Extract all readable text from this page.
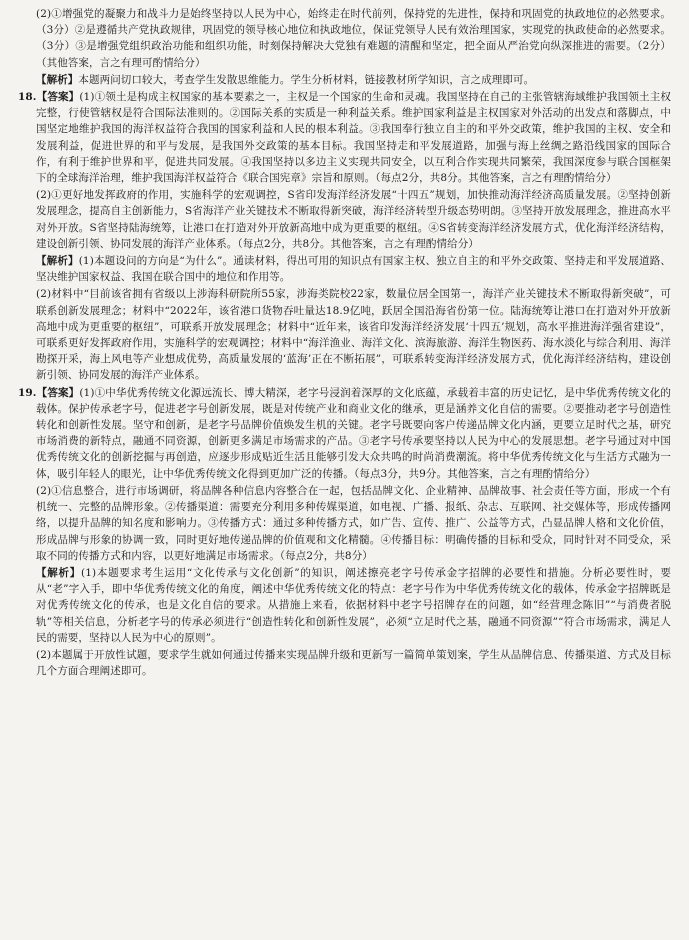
(2)①增强党的凝聚力和战斗力是始终坚持以人民为中心，始终走在时代前列，保持党的先进性，保持和巩固党的执政地位的必然要求。（3分）②是遵循共产党执政规律，巩固党的领导核心地位和执政地位，保证党领导人民有效治理国家，实现党的执政使命的必然要求。（3分）③是增强党组织政治功能和组织功能，时刻保持解决大党独有难题的清醒和坚定，把全面从严治党向纵深推进的需要。（2分）（其他答案，言之有理可酌情给分）

【解析】本题两问切口较大，考查学生发散思维能力。学生分析材料，链接教材所学知识，言之成理即可。

18.【答案】(1)①领土是构成主权国家的基本要素之一，主权是一个国家的生命和灵魂。我国坚持在自己的主张管辖海域维护我国领土主权完整，行使管辖权是符合国际法准则的。②国际关系的实质是一种利益关系。维护国家利益是主权国家对外活动的出发点和落脚点，中国坚定地维护我国的海洋权益符合我国的国家利益和人民的根本利益。③我国奉行独立自主的和平外交政策，维护我国的主权、安全和发展利益，促进世界的和平与发展，是我国外交政策的基本目标。我国坚持走和平发展道路，加强与海上丝绸之路沿线国家的国际合作，有利于维护世界和平，促进共同发展。④我国坚持以多边主义实现共同安全，以互利合作实现共同繁荣，我国深度参与联合国框架下的全球海洋治理，维护我国海洋权益符合《联合国宪章》宗旨和原则。（每点2分，共8分。其他答案，言之有理酌情给分）

(2)①更好地发挥政府的作用，实施科学的宏观调控，S省印发海洋经济发展“十四五”规划，加快推动海洋经济高质量发展。②坚持创新发展理念，提高自主创新能力，S省海洋产业关键技术不断取得新突破，海洋经济转型升级态势明朗。③坚持开放发展理念，推进高水平对外开放。S省坚持陆海统筹，让港口在打造对外开放新高地中成为更重要的枢纽。④S省转变海洋经济发展方式，优化海洋经济结构，建设创新引领、协同发展的海洋产业体系。（每点2分，共8分。其他答案，言之有理酌情给分）

【解析】(1)本题设问的方向是“为什么”。通读材料，得出可用的知识点有国家主权、独立自主的和平外交政策、坚持走和平发展道路、坚决维护国家权益、我国在联合国中的地位和作用等。

(2)材料中“目前该省拥有省级以上涉海科研院所55家，涉海类院校22家，数量位居全国第一，海洋产业关键技术不断取得新突破”，可联系创新发展理念；材料中“2022年，该省港口货物吞吐量达18.9亿吨，跃居全国沿海省份第一位。陆海统筹让港口在打造对外开放新高地中成为更重要的枢纽”，可联系开放发展理念；材料中“近年来，该省印发海洋经济发展‘十四五’规划，高水平推进海洋强省建设”，可联系更好发挥政府作用，实施科学的宏观调控；材料中“海洋渔业、海洋文化、滨海旅游、海洋生物医药、海水淡化与综合利用、海洋勘探开采，海上风电等产业想成优势，高质量发展的‘蓝海’正在不断拓展”，可联系转变海洋经济发展方式，优化海洋经济结构，建设创新引领、协同发展的海洋产业体系。

19.【答案】(1)①中华优秀传统文化源远流长、博大精深，老字号浸润着深厚的文化底蕴，承载着丰富的历史记忆，是中华优秀传统文化的载体。保护传承老字号，促进老字号创新发展，既是对传统产业和商业文化的继承，更是涵养文化自信的需要。②要推动老字号创造性转化和创新性发展。坚守和创新，是老字号品牌价值焕发生机的关键。老字号既要向客户传递品牌文化内涵，更要立足时代之基，研究市场消费的新特点，融通不同资源，创新更多满足市场需求的产品。③老字号传承要坚持以人民为中心的发展思想。老字号通过对中国优秀传统文化的创新挖掘与再创造，应逐步形成贴近生活且能够引发大众共鸣的时尚消费潮流。将中华优秀传统文化与生活方式融为一体，吸引年轻人的眼光，让中华优秀传统文化得到更加广泛的传播。（每点3分，共9分。其他答案，言之有理酌情给分）

(2)①信息整合，进行市场调研，将品牌各种信息内容整合在一起，包括品牌文化、企业精神、品牌故事、社会责任等方面，形成一个有机统一、完整的品牌形象。②传播渠道：需要充分利用多种传媒渠道，如电视、广播、报纸、杂志、互联网、社交媒体等，形成传播网络，以提升品牌的知名度和影响力。③传播方式：通过多种传播方式，如广告、宣传、推广、公益等方式，凸显品牌人格和文化价值，形成品牌与形象的协调一致，同时更好地传递品牌的价值观和文化精髓。④传播目标：明确传播的目标和受众，同时针对不同受众，采取不同的传播方式和内容，以更好地满足市场需求。（每点2分，共8分）

【解析】(1)本题要求考生运用“文化传承与文化创新”的知识，阐述擦亮老字号传承金字招牌的必要性和措施。分析必要性时，要从“老”字入手，即中华优秀传统文化的角度，阐述中华优秀传统文化的特点：老字号作为中华优秀传统文化的载体，传承金字招牌既是对优秀传统文化的传承，也是文化自信的要求。从措施上来看，依据材料中老字号招牌存在的问题，如“经营理念陈旧”“与消费者脱轨”等相关信息，分析老字号的传承必须进行“创造性转化和创新性发展”，必须“立足时代之基，融通不同资源”“符合市场需求，满足人民的需要，坚持以人民为中心的原则”。

(2)本题属于开放性试题，要求学生就如何通过传播来实现品牌升级和更新写一篇简单策划案，学生从品牌信息、传播渠道、方式及目标几个方面合理阐述即可。
